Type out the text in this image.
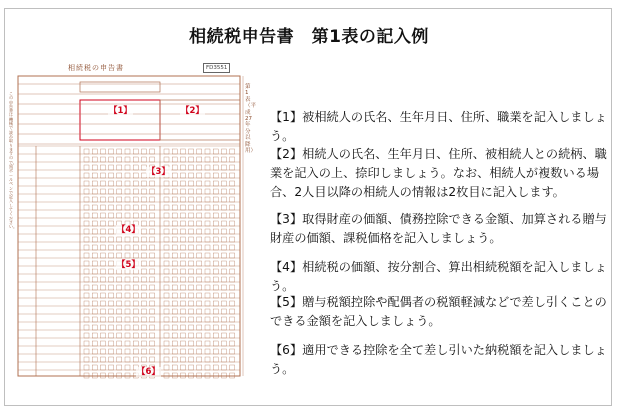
相続税申告書　第1表の記入例
相続税の申告書	FD3551
第1表（平成27年分以降用）
この申告書は機械で読み取りますので、黒ボールペンで記入してください。
【1】	【2】
【3】
【4】
【5】
【6】
【1】被相続人の氏名、生年月日、住所、職業を記入しましょう。
【2】相続人の氏名、生年月日、住所、被相続人との続柄、職業を記入の上、捺印しましょう。なお、相続人が複数いる場合、2人目以降の相続人の情報は2枚目に記入します。
【3】取得財産の価額、債務控除できる金額、加算される贈与財産の価額、課税価格を記入しましょう。
【4】相続税の価額、按分割合、算出相続税額を記入しましょう。
【5】贈与税額控除や配偶者の税額軽減などで差し引くことのできる金額を記入しましょう。
【6】適用できる控除を全て差し引いた納税額を記入しましょう。
